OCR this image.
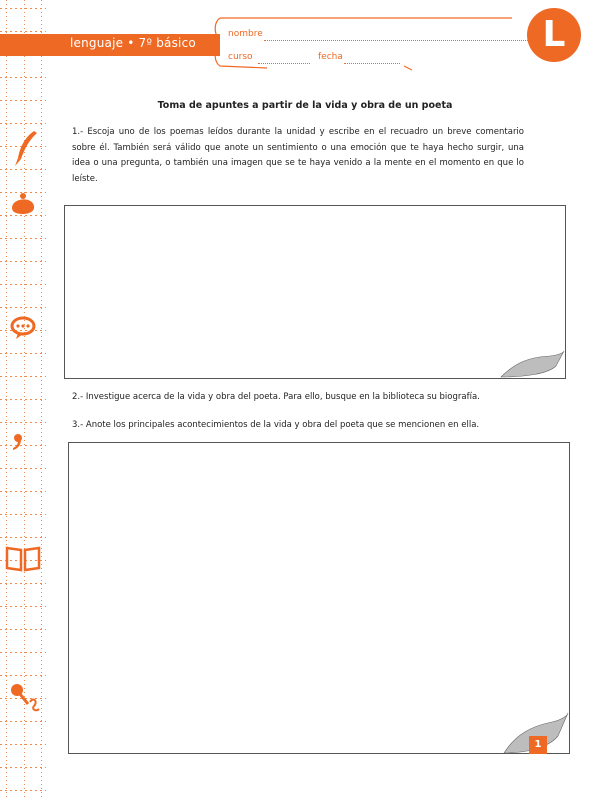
lenguaje • 7º básico
nombre
curso	fecha
L
Toma de apuntes a partir de la vida y obra de un poeta

1.- Escoja uno de los poemas leídos durante la unidad y escribe en el recuadro un breve comentario sobre él. También será válido que anote un sentimiento o una emoción que te haya hecho surgir, una idea o una pregunta, o también una imagen que se te haya venido a la mente en el momento en que lo leíste.

2.- Investigue acerca de la vida y obra del poeta. Para ello, busque en la biblioteca su biografía.

3.- Anote los principales acontecimientos de la vida y obra del poeta que se mencionen en ella.

1
